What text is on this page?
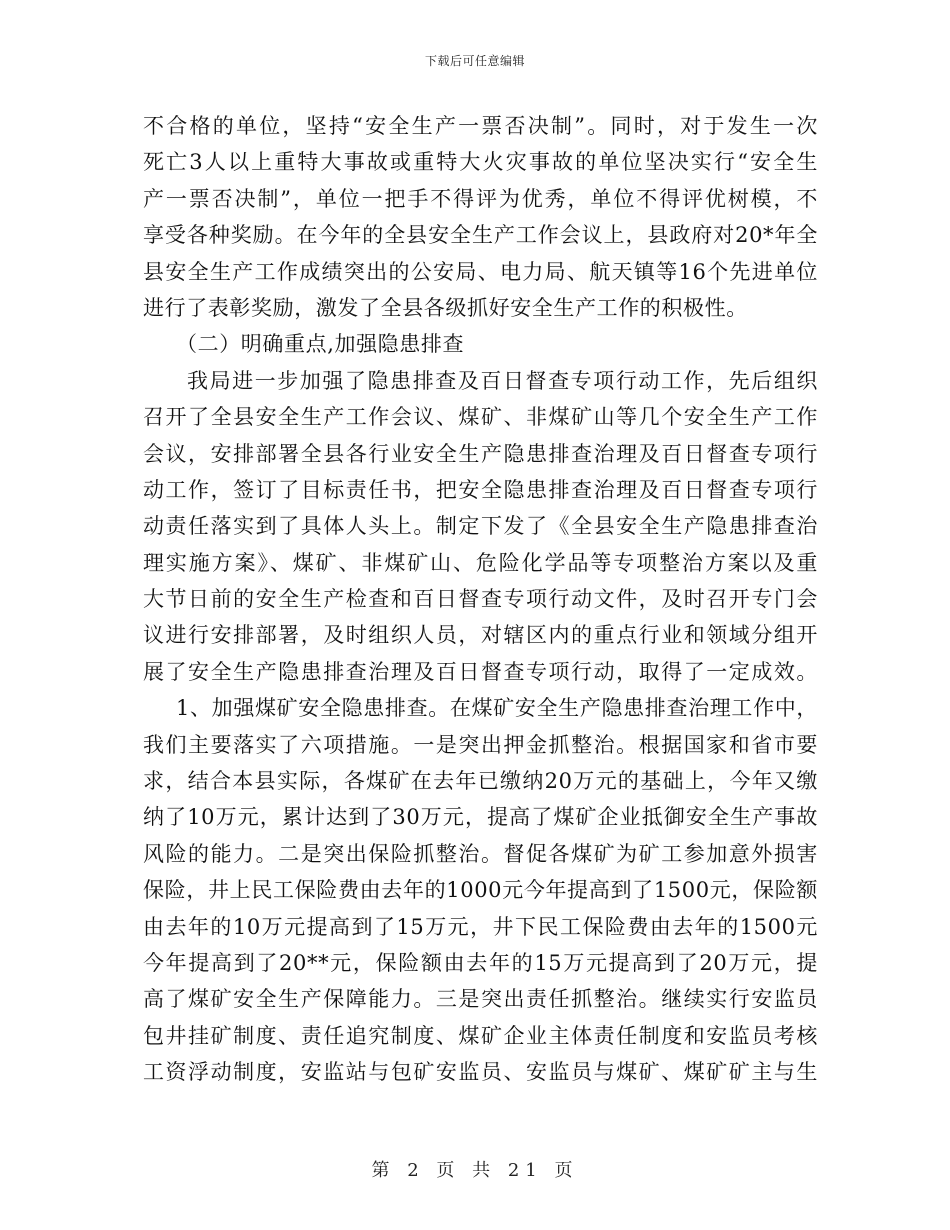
下载后可任意编辑
不合格的单位，坚持“安全生产一票否决制”。同时，对于发生一次
死亡3人以上重特大事故或重特大火灾事故的单位坚决实行“安全生
产一票否决制”，单位一把手不得评为优秀，单位不得评优树模，不
享受各种奖励。在今年的全县安全生产工作会议上，县政府对20*年全
县安全生产工作成绩突出的公安局、电力局、航天镇等16个先进单位
进行了表彰奖励，激发了全县各级抓好安全生产工作的积极性。
（二）明确重点,加强隐患排查
我局进一步加强了隐患排查及百日督查专项行动工作，先后组织
召开了全县安全生产工作会议、煤矿、非煤矿山等几个安全生产工作
会议，安排部署全县各行业安全生产隐患排查治理及百日督查专项行
动工作，签订了目标责任书，把安全隐患排查治理及百日督查专项行
动责任落实到了具体人头上。制定下发了《全县安全生产隐患排查治
理实施方案》、煤矿、非煤矿山、危险化学品等专项整治方案以及重
大节日前的安全生产检查和百日督查专项行动文件，及时召开专门会
议进行安排部署，及时组织人员，对辖区内的重点行业和领域分组开
展了安全生产隐患排查治理及百日督查专项行动，取得了一定成效。
1、加强煤矿安全隐患排查。在煤矿安全生产隐患排查治理工作中，
我们主要落实了六项措施。一是突出押金抓整治。根据国家和省市要
求，结合本县实际，各煤矿在去年已缴纳20万元的基础上，今年又缴
纳了10万元，累计达到了30万元，提高了煤矿企业抵御安全生产事故
风险的能力。二是突出保险抓整治。督促各煤矿为矿工参加意外损害
保险，井上民工保险费由去年的1000元今年提高到了1500元，保险额
由去年的10万元提高到了15万元，井下民工保险费由去年的1500元
今年提高到了20**元，保险额由去年的15万元提高到了20万元，提
高了煤矿安全生产保障能力。三是突出责任抓整治。继续实行安监员
包井挂矿制度、责任追究制度、煤矿企业主体责任制度和安监员考核
工资浮动制度，安监站与包矿安监员、安监员与煤矿、煤矿矿主与生
第 2 页 共 21 页
